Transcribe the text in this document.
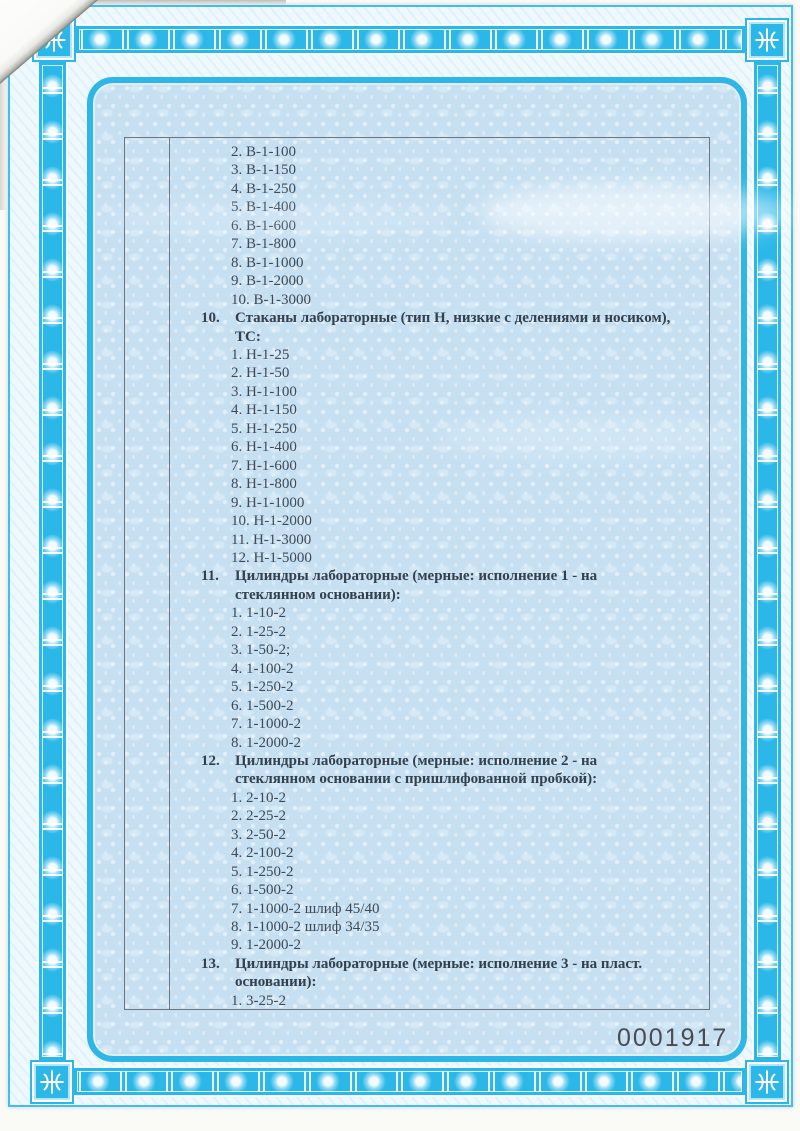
2. В-1-100
3. В-1-150
4. В-1-250
5. В-1-400
6. В-1-600
7. В-1-800
8. В-1-1000
9. В-1-2000
10. В-1-3000
10.	Стаканы лабораторные (тип Н, низкие с делениями и носиком),
ТС:
1. Н-1-25
2. Н-1-50
3. Н-1-100
4. Н-1-150
5. Н-1-250
6. Н-1-400
7. Н-1-600
8. Н-1-800
9. Н-1-1000
10. Н-1-2000
11. Н-1-3000
12. Н-1-5000
11.	Цилиндры лабораторные (мерные: исполнение 1 - на
стеклянном основании):
1. 1-10-2
2. 1-25-2
3. 1-50-2;
4. 1-100-2
5. 1-250-2
6. 1-500-2
7. 1-1000-2
8. 1-2000-2
12.	Цилиндры лабораторные (мерные: исполнение 2 - на
стеклянном основании с пришлифованной пробкой):
1. 2-10-2
2. 2-25-2
3. 2-50-2
4. 2-100-2
5. 1-250-2
6. 1-500-2
7. 1-1000-2 шлиф 45/40
8. 1-1000-2 шлиф 34/35
9. 1-2000-2
13.	Цилиндры лабораторные (мерные: исполнение 3 - на пласт.
основании):
1. 3-25-2
0001917
